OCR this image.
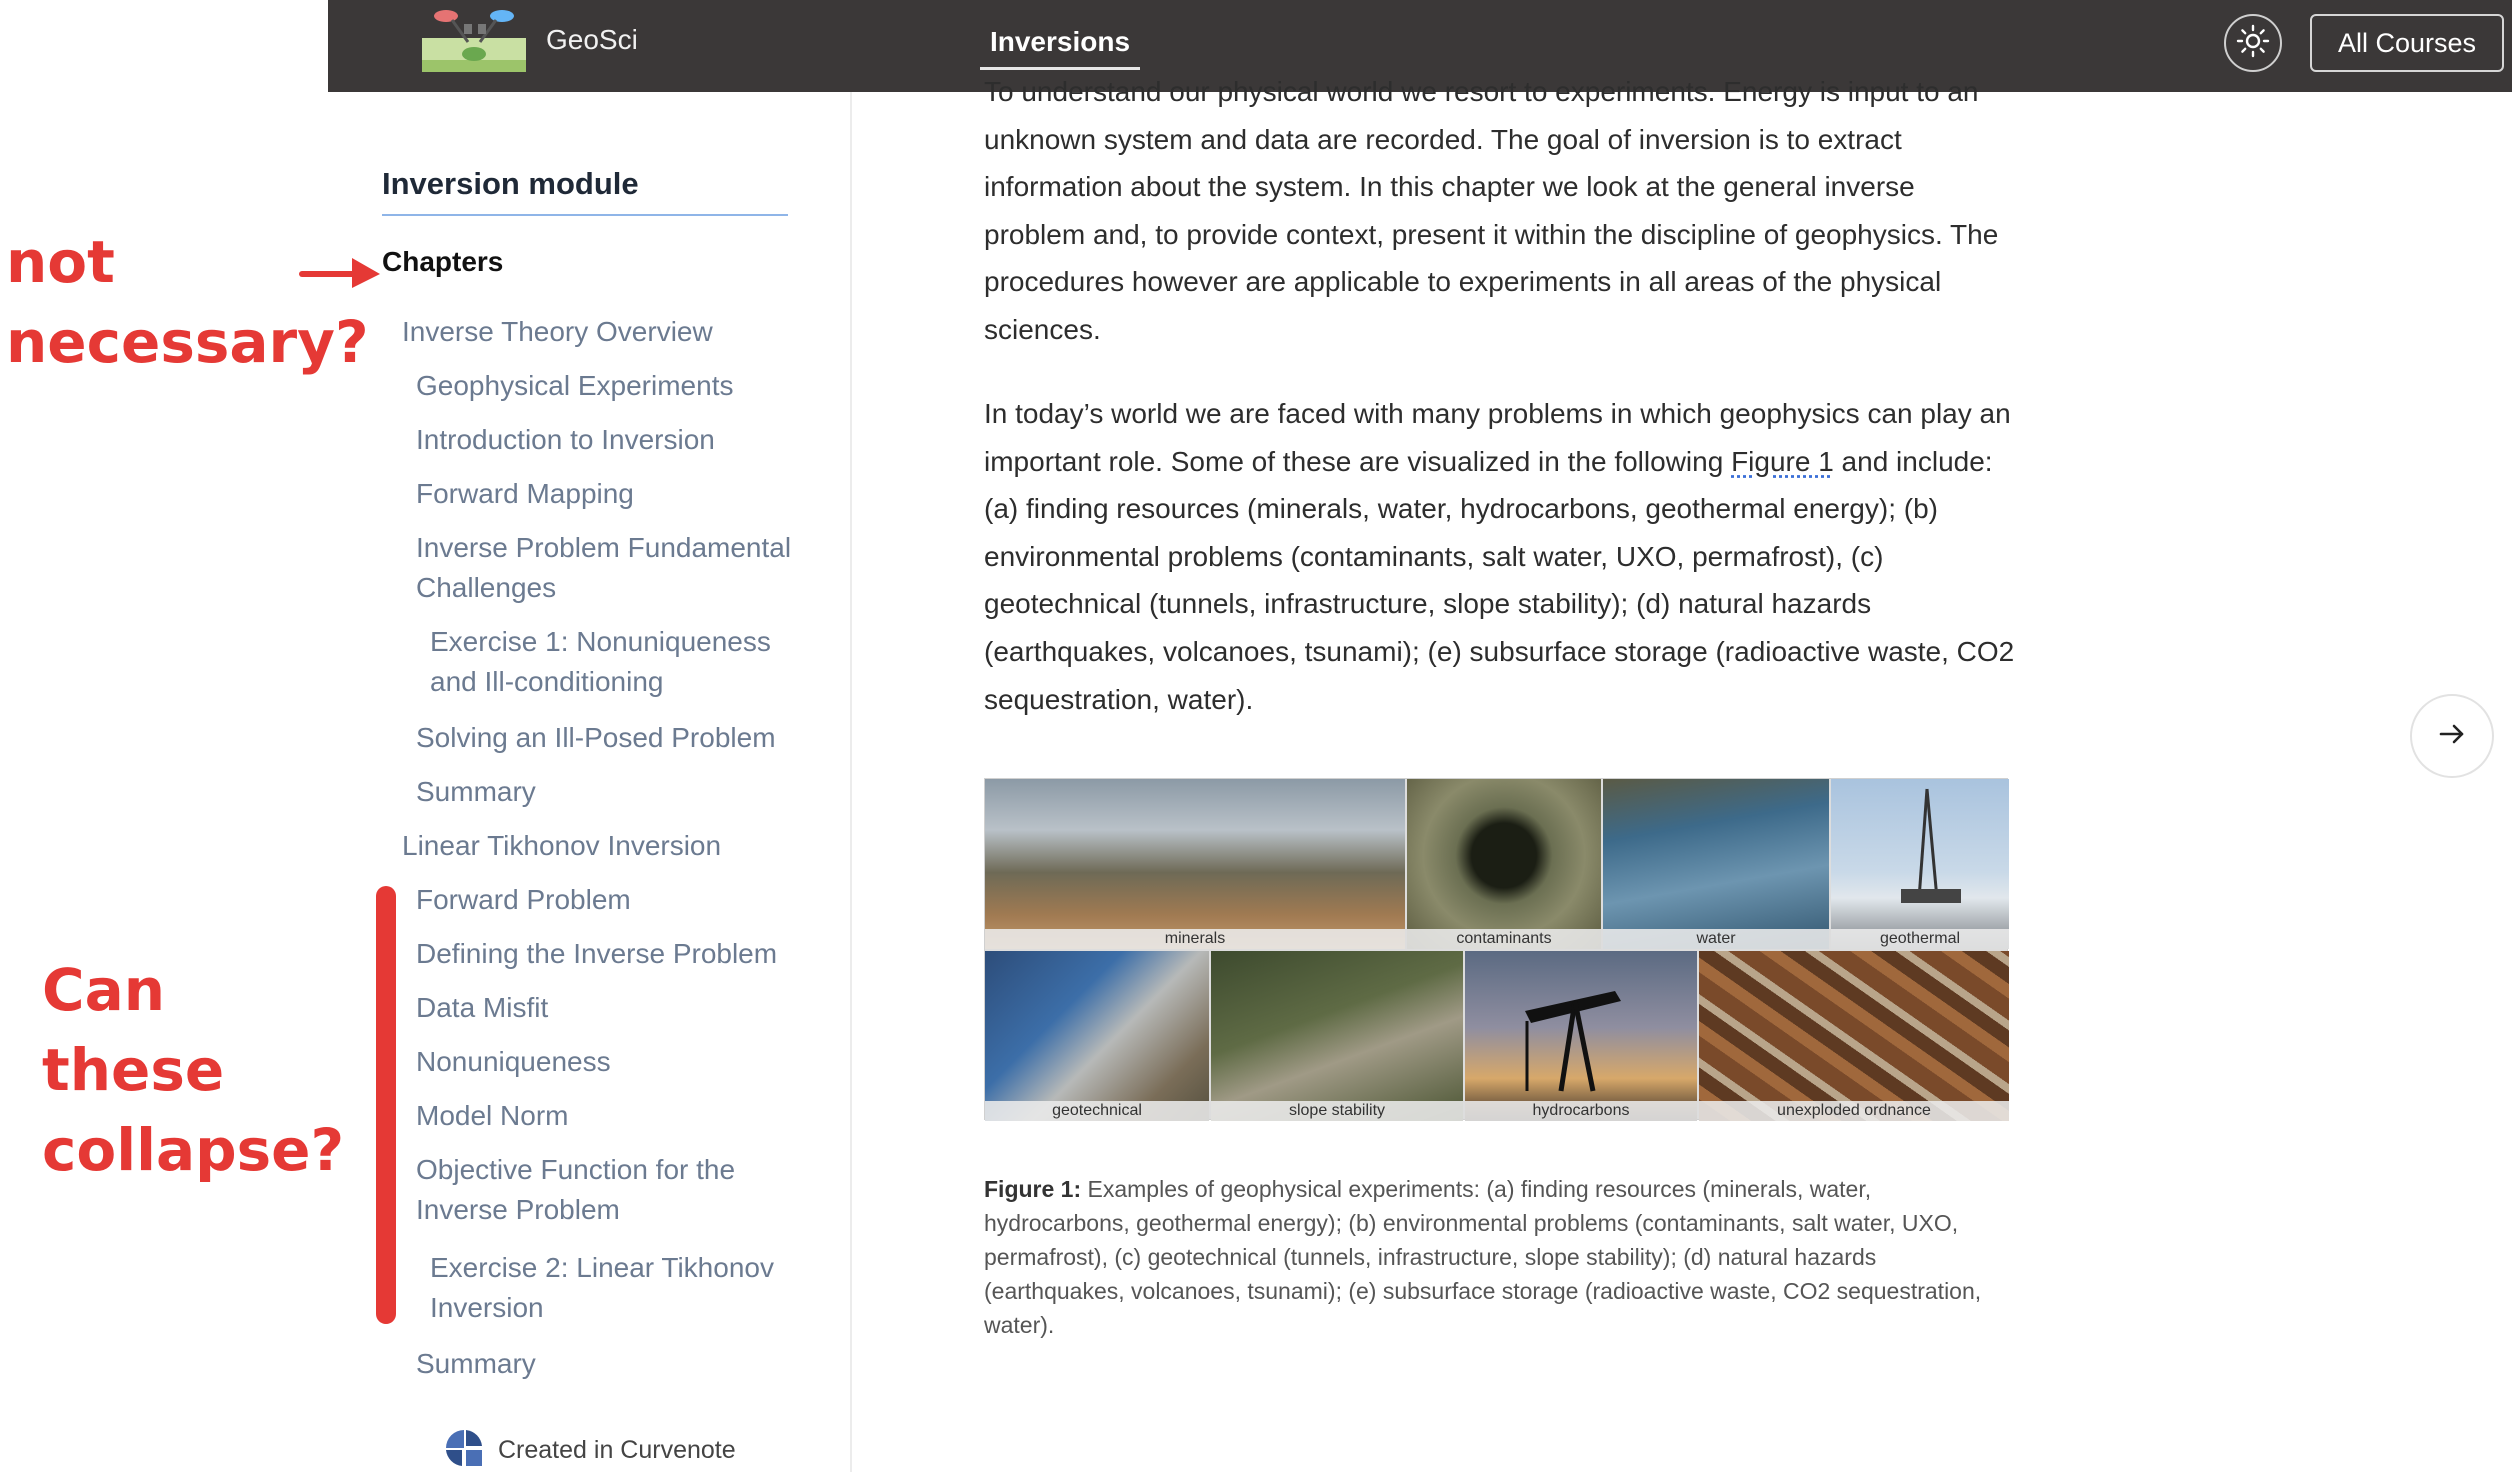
GeoSci	Inversions	All Courses
Inversion module
Chapters
Inverse Theory Overview
Geophysical Experiments
Introduction to Inversion
Forward Mapping
Inverse Problem Fundamental Challenges
Exercise 1: Nonuniqueness and Ill-conditioning
Solving an Ill-Posed Problem
Summary
Linear Tikhonov Inversion
Forward Problem
Defining the Inverse Problem
Data Misfit
Nonuniqueness
Model Norm
Objective Function for the Inverse Problem
Exercise 2: Linear Tikhonov Inversion
Summary
Created in Curvenote
not necessary?
Can these collapse?
To understand our physical world we resort to experiments. Energy is input to an unknown system and data are recorded. The goal of inversion is to extract information about the system. In this chapter we look at the general inverse problem and, to provide context, present it within the discipline of geophysics. The procedures however are applicable to experiments in all areas of the physical sciences.
In today’s world we are faced with many problems in which geophysics can play an important role. Some of these are visualized in the following Figure 1 and include: (a) finding resources (minerals, water, hydrocarbons, geothermal energy); (b) environmental problems (contaminants, salt water, UXO, permafrost), (c) geotechnical (tunnels, infrastructure, slope stability); (d) natural hazards (earthquakes, volcanoes, tsunami); (e) subsurface storage (radioactive waste, CO2 sequestration, water).
minerals	contaminants	water	geothermal
geotechnical	slope stability	hydrocarbons	unexploded ordnance
Figure 1: Examples of geophysical experiments: (a) finding resources (minerals, water, hydrocarbons, geothermal energy); (b) environmental problems (contaminants, salt water, UXO, permafrost), (c) geotechnical (tunnels, infrastructure, slope stability); (d) natural hazards (earthquakes, volcanoes, tsunami); (e) subsurface storage (radioactive waste, CO2 sequestration, water).
